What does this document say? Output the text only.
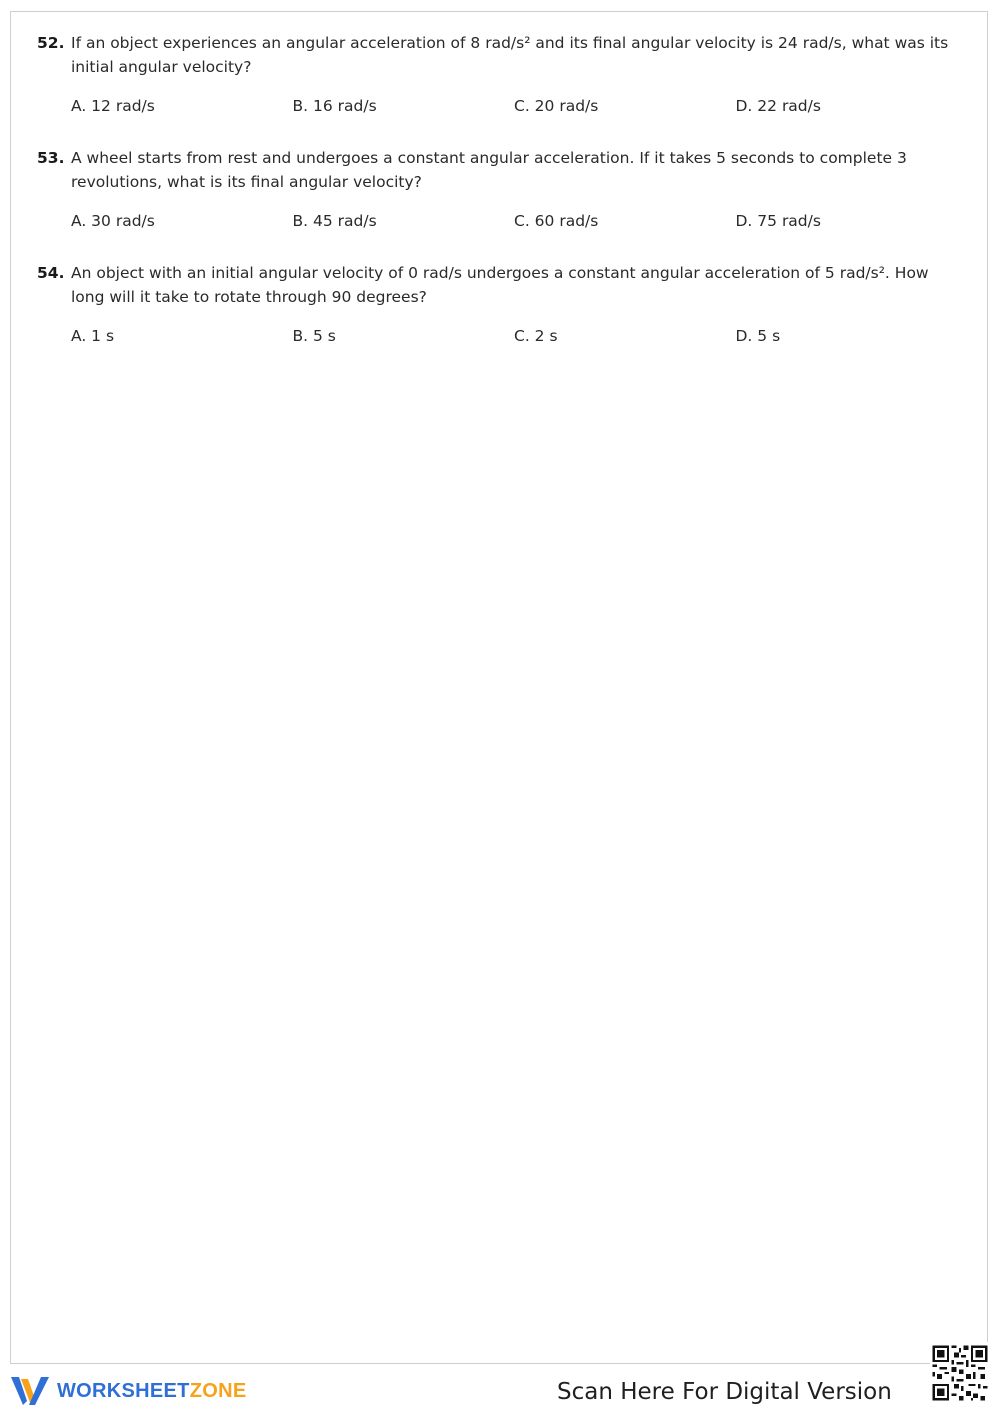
52. If an object experiences an angular acceleration of 8 rad/s² and its final angular velocity is 24 rad/s, what was its initial angular velocity?
A. 12 rad/s	B. 16 rad/s	C. 20 rad/s	D. 22 rad/s
53. A wheel starts from rest and undergoes a constant angular acceleration. If it takes 5 seconds to complete 3 revolutions, what is its final angular velocity?
A. 30 rad/s	B. 45 rad/s	C. 60 rad/s	D. 75 rad/s
54. An object with an initial angular velocity of 0 rad/s undergoes a constant angular acceleration of 5 rad/s². How long will it take to rotate through 90 degrees?
A. 1 s	B. 5 s	C. 2 s	D. 5 s
WORKSHEETZONE	Scan Here For Digital Version
